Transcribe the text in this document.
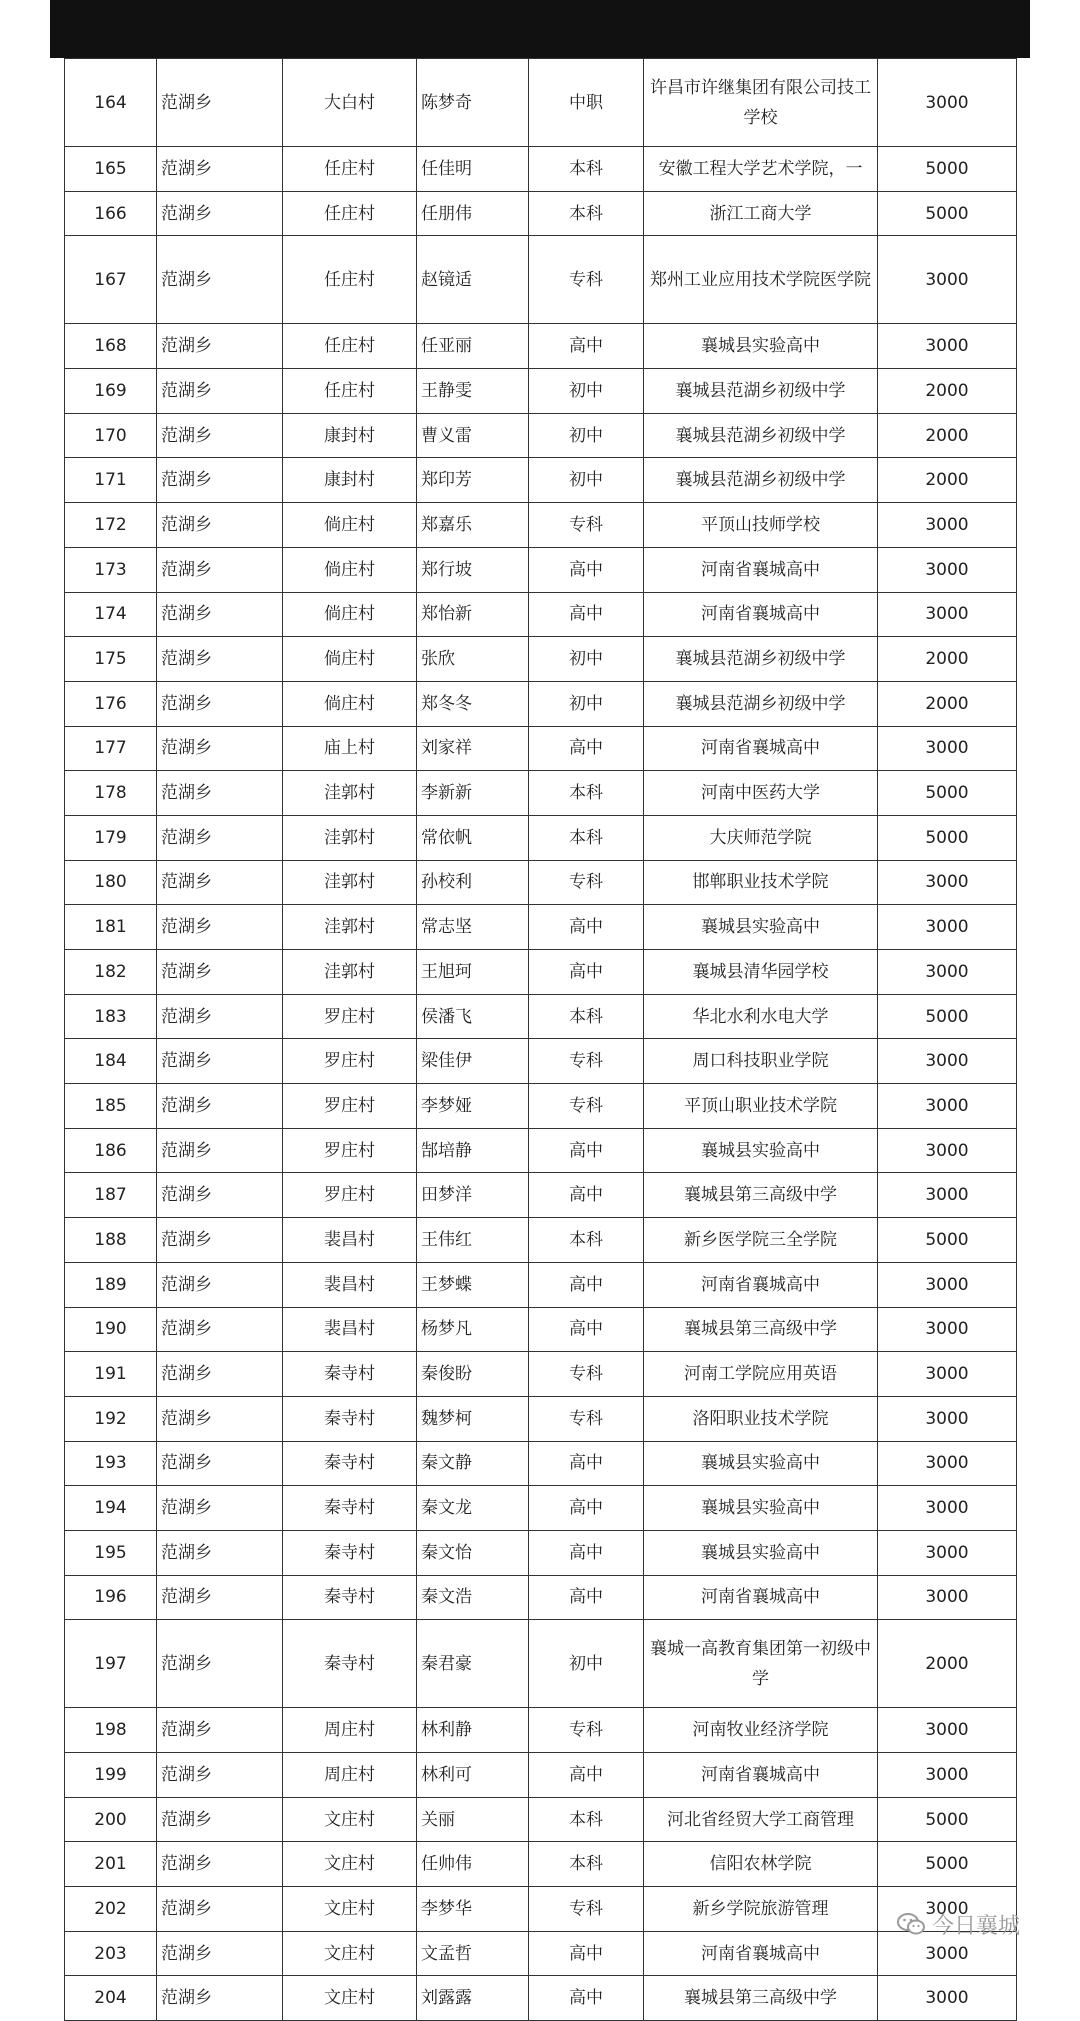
164	范湖乡	大白村	陈梦奇	中职	许昌市许继集团有限公司技工学校	3000
165	范湖乡	任庄村	任佳明	本科	安徽工程大学艺术学院，一	5000
166	范湖乡	任庄村	任朋伟	本科	浙江工商大学	5000
167	范湖乡	任庄村	赵镜适	专科	郑州工业应用技术学院医学院	3000
168	范湖乡	任庄村	任亚丽	高中	襄城县实验高中	3000
169	范湖乡	任庄村	王静雯	初中	襄城县范湖乡初级中学	2000
170	范湖乡	康封村	曹义雷	初中	襄城县范湖乡初级中学	2000
171	范湖乡	康封村	郑印芳	初中	襄城县范湖乡初级中学	2000
172	范湖乡	倘庄村	郑嘉乐	专科	平顶山技师学校	3000
173	范湖乡	倘庄村	郑行坡	高中	河南省襄城高中	3000
174	范湖乡	倘庄村	郑怡新	高中	河南省襄城高中	3000
175	范湖乡	倘庄村	张欣	初中	襄城县范湖乡初级中学	2000
176	范湖乡	倘庄村	郑冬冬	初中	襄城县范湖乡初级中学	2000
177	范湖乡	庙上村	刘家祥	高中	河南省襄城高中	3000
178	范湖乡	洼郭村	李新新	本科	河南中医药大学	5000
179	范湖乡	洼郭村	常依帆	本科	大庆师范学院	5000
180	范湖乡	洼郭村	孙校利	专科	邯郸职业技术学院	3000
181	范湖乡	洼郭村	常志坚	高中	襄城县实验高中	3000
182	范湖乡	洼郭村	王旭珂	高中	襄城县清华园学校	3000
183	范湖乡	罗庄村	侯潘飞	本科	华北水利水电大学	5000
184	范湖乡	罗庄村	梁佳伊	专科	周口科技职业学院	3000
185	范湖乡	罗庄村	李梦娅	专科	平顶山职业技术学院	3000
186	范湖乡	罗庄村	郜培静	高中	襄城县实验高中	3000
187	范湖乡	罗庄村	田梦洋	高中	襄城县第三高级中学	3000
188	范湖乡	裴昌村	王伟红	本科	新乡医学院三全学院	5000
189	范湖乡	裴昌村	王梦蝶	高中	河南省襄城高中	3000
190	范湖乡	裴昌村	杨梦凡	高中	襄城县第三高级中学	3000
191	范湖乡	秦寺村	秦俊盼	专科	河南工学院应用英语	3000
192	范湖乡	秦寺村	魏梦柯	专科	洛阳职业技术学院	3000
193	范湖乡	秦寺村	秦文静	高中	襄城县实验高中	3000
194	范湖乡	秦寺村	秦文龙	高中	襄城县实验高中	3000
195	范湖乡	秦寺村	秦文怡	高中	襄城县实验高中	3000
196	范湖乡	秦寺村	秦文浩	高中	河南省襄城高中	3000
197	范湖乡	秦寺村	秦君豪	初中	襄城一高教育集团第一初级中学	2000
198	范湖乡	周庄村	林利静	专科	河南牧业经济学院	3000
199	范湖乡	周庄村	林利可	高中	河南省襄城高中	3000
200	范湖乡	文庄村	关丽	本科	河北省经贸大学工商管理	5000
201	范湖乡	文庄村	任帅伟	本科	信阳农林学院	5000
202	范湖乡	文庄村	李梦华	专科	新乡学院旅游管理	3000
203	范湖乡	文庄村	文孟哲	高中	河南省襄城高中	3000
204	范湖乡	文庄村	刘露露	高中	襄城县第三高级中学	3000
今日襄城
